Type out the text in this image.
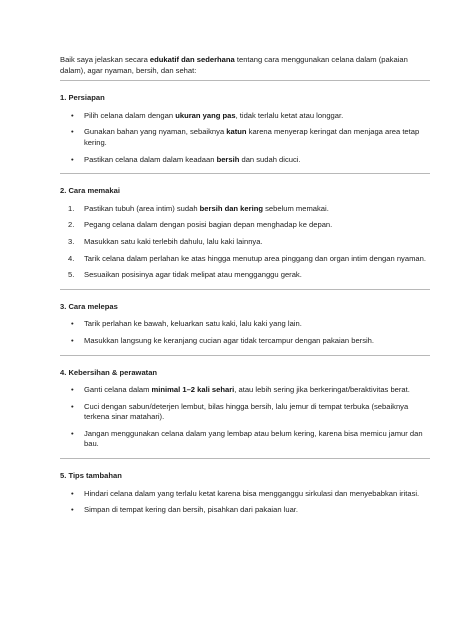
Baik saya jelaskan secara edukatif dan sederhana tentang cara menggunakan celana dalam (pakaian dalam), agar nyaman, bersih, dan sehat:

1. Persiapan
• Pilih celana dalam dengan ukuran yang pas, tidak terlalu ketat atau longgar.
• Gunakan bahan yang nyaman, sebaiknya katun karena menyerap keringat dan menjaga area tetap kering.
• Pastikan celana dalam dalam keadaan bersih dan sudah dicuci.
2. Cara memakai
1. Pastikan tubuh (area intim) sudah bersih dan kering sebelum memakai.
2. Pegang celana dalam dengan posisi bagian depan menghadap ke depan.
3. Masukkan satu kaki terlebih dahulu, lalu kaki lainnya.
4. Tarik celana dalam perlahan ke atas hingga menutup area pinggang dan organ intim dengan nyaman.
5. Sesuaikan posisinya agar tidak melipat atau mengganggu gerak.
3. Cara melepas
• Tarik perlahan ke bawah, keluarkan satu kaki, lalu kaki yang lain.
• Masukkan langsung ke keranjang cucian agar tidak tercampur dengan pakaian bersih.
4. Kebersihan & perawatan
• Ganti celana dalam minimal 1–2 kali sehari, atau lebih sering jika berkeringat/beraktivitas berat.
• Cuci dengan sabun/deterjen lembut, bilas hingga bersih, lalu jemur di tempat terbuka (sebaiknya terkena sinar matahari).
• Jangan menggunakan celana dalam yang lembap atau belum kering, karena bisa memicu jamur dan bau.
5. Tips tambahan
• Hindari celana dalam yang terlalu ketat karena bisa mengganggu sirkulasi dan menyebabkan iritasi.
• Simpan di tempat kering dan bersih, pisahkan dari pakaian luar.
